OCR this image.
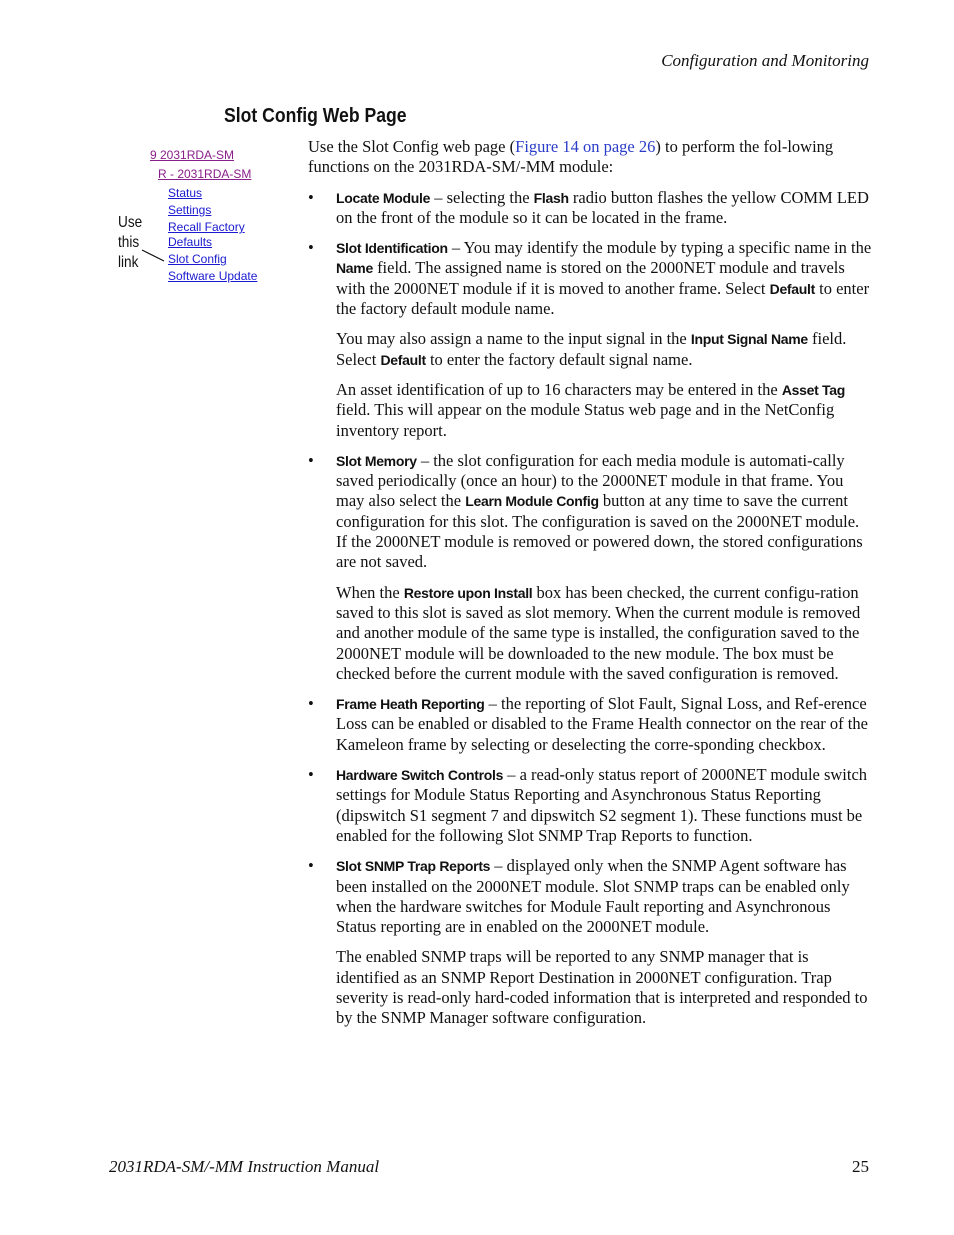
Configuration and Monitoring
Slot Config Web Page
9 2031RDA-SM
R - 2031RDA-SM
Status
Settings
Recall Factory
Defaults
Slot Config
Software Update
Use
this
link

Use the Slot Config web page (Figure 14 on page 26) to perform the fol-lowing functions on the 2031RDA-SM/-MM module:

• Locate Module – selecting the Flash radio button flashes the yellow COMM LED on the front of the module so it can be located in the frame.

• Slot Identification – You may identify the module by typing a specific name in the Name field. The assigned name is stored on the 2000NET module and travels with the 2000NET module if it is moved to another frame. Select Default to enter the factory default module name.

You may also assign a name to the input signal in the Input Signal Name field. Select Default to enter the factory default signal name.

An asset identification of up to 16 characters may be entered in the Asset Tag field. This will appear on the module Status web page and in the NetConfig inventory report.

• Slot Memory – the slot configuration for each media module is automati-cally saved periodically (once an hour) to the 2000NET module in that frame. You may also select the Learn Module Config button at any time to save the current configuration for this slot. The configuration is saved on the 2000NET module. If the 2000NET module is removed or powered down, the stored configurations are not saved.

When the Restore upon Install box has been checked, the current configu-ration saved to this slot is saved as slot memory. When the current module is removed and another module of the same type is installed, the configuration saved to the 2000NET module will be downloaded to the new module. The box must be checked before the current module with the saved configuration is removed.

• Frame Heath Reporting – the reporting of Slot Fault, Signal Loss, and Ref-erence Loss can be enabled or disabled to the Frame Health connector on the rear of the Kameleon frame by selecting or deselecting the corre-sponding checkbox.

• Hardware Switch Controls – a read-only status report of 2000NET module switch settings for Module Status Reporting and Asynchronous Status Reporting (dipswitch S1 segment 7 and dipswitch S2 segment 1). These functions must be enabled for the following Slot SNMP Trap Reports to function.

• Slot SNMP Trap Reports – displayed only when the SNMP Agent software has been installed on the 2000NET module. Slot SNMP traps can be enabled only when the hardware switches for Module Fault reporting and Asynchronous Status reporting are in enabled on the 2000NET module.

The enabled SNMP traps will be reported to any SNMP manager that is identified as an SNMP Report Destination in 2000NET configuration. Trap severity is read-only hard-coded information that is interpreted and responded to by the SNMP Manager software configuration.

2031RDA-SM/-MM Instruction Manual	25
